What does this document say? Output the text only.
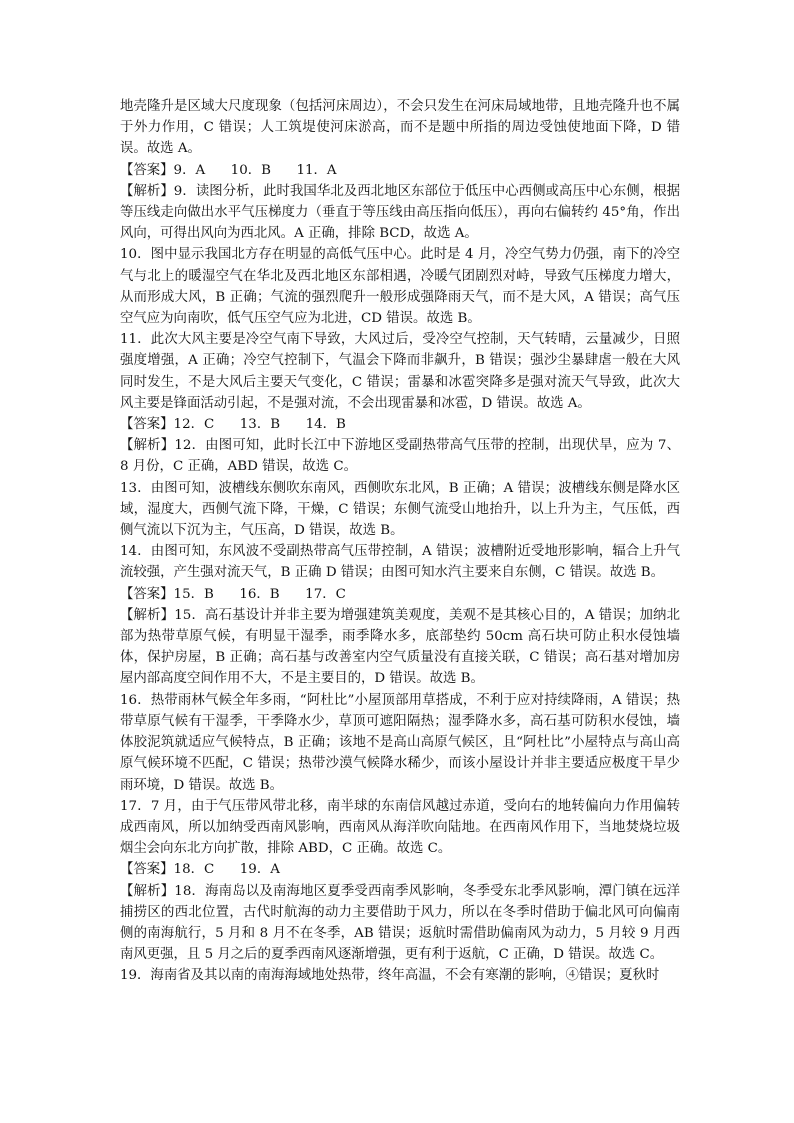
地壳隆升是区域大尺度现象（包括河床周边），不会只发生在河床局域地带，且地壳隆升也不属于外力作用，C 错误；人工筑堤使河床淤高，而不是题中所指的周边受蚀使地面下降，D 错误。故选 A。

【答案】9．A      10．B      11．A

【解析】9．读图分析，此时我国华北及西北地区东部位于低压中心西侧或高压中心东侧，根据等压线走向做出水平气压梯度力（垂直于等压线由高压指向低压），再向右偏转约 45°角，作出风向，可得出风向为西北风。A 正确，排除 BCD，故选 A。

10．图中显示我国北方存在明显的高低气压中心。此时是 4 月，冷空气势力仍强，南下的冷空气与北上的暖湿空气在华北及西北地区东部相遇，冷暖气团剧烈对峙，导致气压梯度力增大，从而形成大风，B 正确；气流的强烈爬升一般形成强降雨天气，而不是大风，A 错误；高气压空气应为向南吹，低气压空气应为北进，CD 错误。故选 B。

11．此次大风主要是冷空气南下导致，大风过后，受冷空气控制，天气转晴，云量减少，日照强度增强，A 正确；冷空气控制下，气温会下降而非飙升，B 错误；强沙尘暴肆虐一般在大风同时发生，不是大风后主要天气变化，C 错误；雷暴和冰雹突降多是强对流天气导致，此次大风主要是锋面活动引起，不是强对流，不会出现雷暴和冰雹，D 错误。故选 A。

【答案】12．C      13．B      14．B

【解析】12．由图可知，此时长江中下游地区受副热带高气压带的控制，出现伏旱，应为 7、8 月份，C 正确，ABD 错误，故选 C。

13．由图可知，波槽线东侧吹东南风，西侧吹东北风，B 正确；A 错误；波槽线东侧是降水区域，湿度大，西侧气流下降，干燥，C 错误；东侧气流受山地抬升，以上升为主，气压低，西侧气流以下沉为主，气压高，D 错误，故选 B。

14．由图可知，东风波不受副热带高气压带控制，A 错误；波槽附近受地形影响，辐合上升气流较强，产生强对流天气，B 正确 D 错误；由图可知水汽主要来自东侧，C 错误。故选 B。

【答案】15．B      16．B      17．C

【解析】15．高石基设计并非主要为增强建筑美观度，美观不是其核心目的，A 错误；加纳北部为热带草原气候，有明显干湿季，雨季降水多，底部垫约 50cm 高石块可防止积水侵蚀墙体，保护房屋，B 正确；高石基与改善室内空气质量没有直接关联，C 错误；高石基对增加房屋内部高度空间作用不大，不是主要目的，D 错误。故选 B。

16．热带雨林气候全年多雨，“阿杜比”小屋顶部用草搭成，不利于应对持续降雨，A 错误；热带草原气候有干湿季，干季降水少，草顶可遮阳隔热；湿季降水多，高石基可防积水侵蚀，墙体胶泥筑就适应气候特点，B 正确；该地不是高山高原气候区，且“阿杜比”小屋特点与高山高原气候环境不匹配，C 错误；热带沙漠气候降水稀少，而该小屋设计并非主要适应极度干旱少雨环境，D 错误。故选 B。

17．7 月，由于气压带风带北移，南半球的东南信风越过赤道，受向右的地转偏向力作用偏转成西南风，所以加纳受西南风影响，西南风从海洋吹向陆地。在西南风作用下，当地焚烧垃圾烟尘会向东北方向扩散，排除 ABD，C 正确。故选 C。

【答案】18．C      19．A

【解析】18．海南岛以及南海地区夏季受西南季风影响，冬季受东北季风影响，潭门镇在远洋捕捞区的西北位置，古代时航海的动力主要借助于风力，所以在冬季时借助于偏北风可向偏南侧的南海航行，5 月和 8 月不在冬季，AB 错误；返航时需借助偏南风为动力，5 月较 9 月西南风更强，且 5 月之后的夏季西南风逐渐增强，更有利于返航，C 正确，D 错误。故选 C。

19．海南省及其以南的南海海域地处热带，终年高温，不会有寒潮的影响，④错误；夏秋时
